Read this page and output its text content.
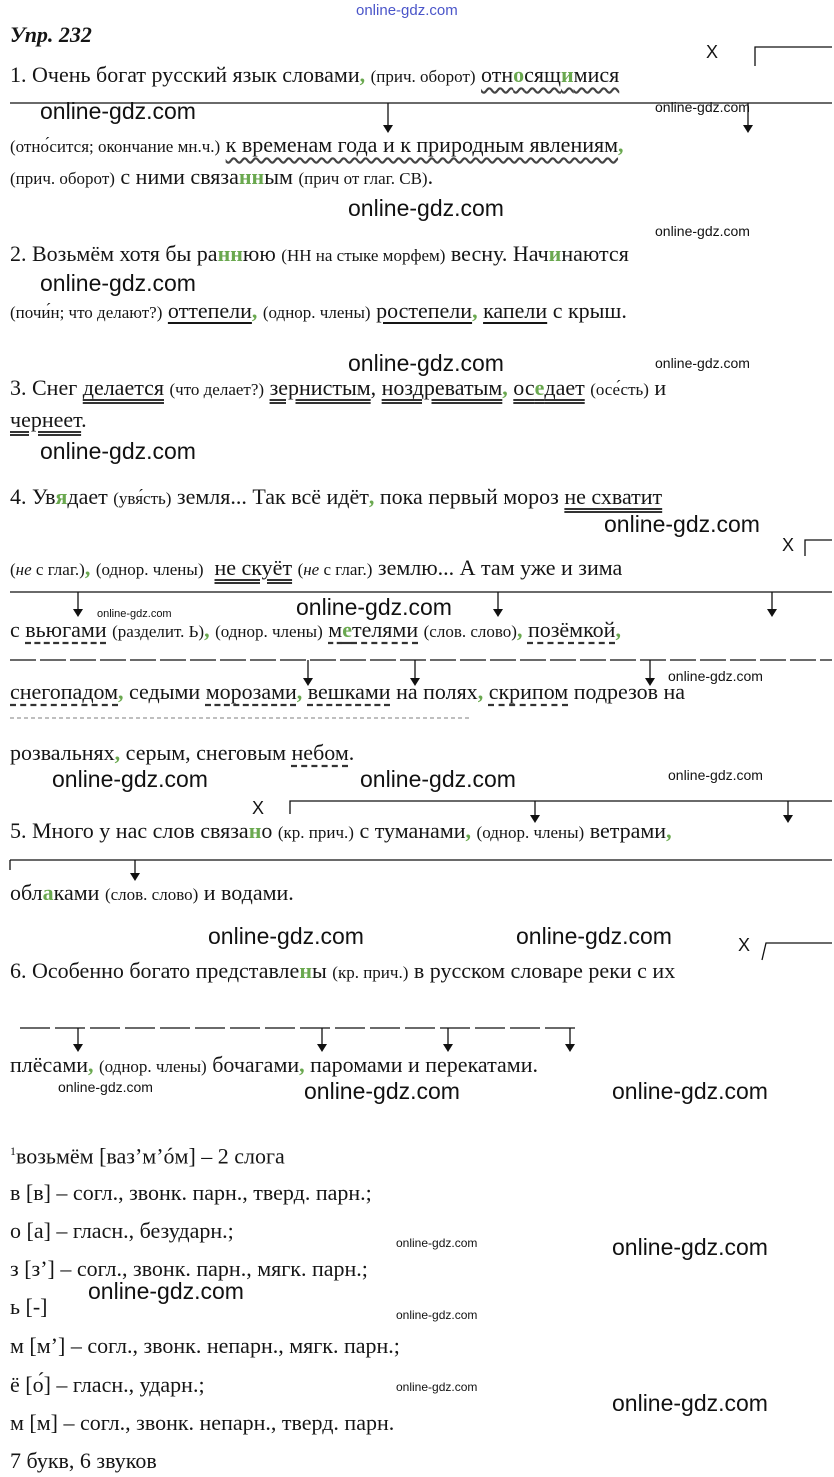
Х
Х
Х
Х
online-gdz.com
Упр. 232
1. Очень богат русский язык словами, (прич. оборот) относящимися
(отно́сится; окончание мн.ч.) к временам года и к природным явлениям,
(прич. оборот) с ними связанным (прич от глаг. СВ).
2. Возьмём хотя бы раннюю (НН на стыке морфем) весну. Начинаются
(почи́н; что делают?) оттепели, (однор. члены) ростепели, капели с крыш.
3. Снег делается (что делает?) зернистым, ноздреватым, оседает (осе́сть) и
чернеет.
4. Увядает (увя́сть) земля... Так всё идёт, пока первый мороз не схватит
(не с глаг.), (однор. члены) не скуёт (не с глаг.) землю... А там уже и зима
с вьюгами (разделит. Ь), (однор. члены) метелями (слов. слово), позёмкой,
снегопадом, седыми морозами, вешками на полях, скрипом подрезов на
розвальнях, серым, снеговым небом.
5. Много у нас слов связано (кр. прич.) с туманами, (однор. члены) ветрами,
облаками (слов. слово) и водами.
6. Особенно богато представлены (кр. прич.) в русском словаре реки с их
плёсами, (однор. члены) бочагами, паромами и перекатами.
$^1$возьмём [ваз’м’óм] – 2 слога
в [в] – согл., звонк. парн., тверд. парн.;
о [а] – гласн., безударн.;
з [з’] – согл., звонк. парн., мягк. парн.;
ь [-]
м [м’] – согл., звонк. непарн., мягк. парн.;
ё [о́] – гласн., ударн.;
м [м] – согл., звонк. непарн., тверд. парн.
7 букв, 6 звуков
online-gdz.com	online-gdz.com
online-gdz.com
online-gdz.com
online-gdz.com
online-gdz.com	online-gdz.com
online-gdz.com
online-gdz.com
online-gdz.com	online-gdz.com
online-gdz.com
online-gdz.com	online-gdz.com	online-gdz.com
online-gdz.com	online-gdz.com
online-gdz.com	online-gdz.com	online-gdz.com
online-gdz.com	online-gdz.com
online-gdz.com
online-gdz.com
online-gdz.com
online-gdz.com
